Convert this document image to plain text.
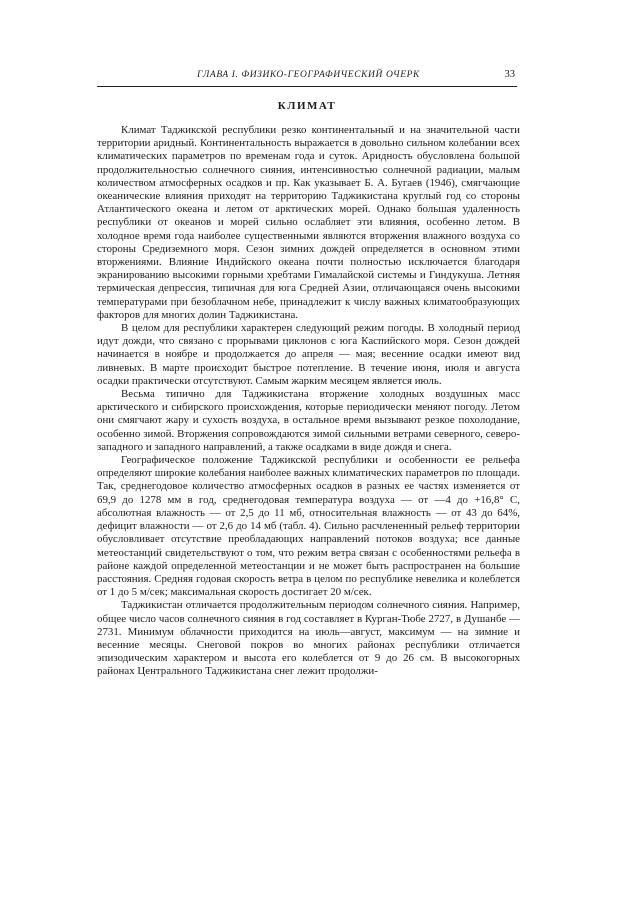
ГЛАВА I. ФИЗИКО-ГЕОГРАФИЧЕСКИЙ ОЧЕРК	33
КЛИМАТ

Климат Таджикской республики резко континентальный и на значительной части территории аридный. Континентальность выражается в довольно сильном колебании всех климатических параметров по временам года и суток. Аридность обусловлена большой продолжительностью солнечного сияния, интенсивностью солнечной радиации, малым количеством атмосферных осадков и пр. Как указывает Б. А. Бугаев (1946), смягчающие океанические влияния приходят на территорию Таджикистана круглый год со стороны Атлантического океана и летом от арктических морей. Однако большая удаленность республики от океанов и морей сильно ослабляет эти влияния, особенно летом. В холодное время года наиболее существенными являются вторжения влажного воздуха со стороны Средиземного моря. Сезон зимних дождей определяется в основном этими вторжениями. Влияние Индийского океана почти полностью исключается благодаря экранированию высокими горными хребтами Гималайской системы и Гиндукуша. Летняя термическая депрессия, типичная для юга Средней Азии, отличающаяся очень высокими температурами при безоблачном небе, принадлежит к числу важных климатообразующих факторов для многих долин Таджикистана.

В целом для республики характерен следующий режим погоды. В холодный период идут дожди, что связано с прорывами циклонов с юга Каспийского моря. Сезон дождей начинается в ноябре и продолжается до апреля — мая; весенние осадки имеют вид ливневых. В марте происходит быстрое потепление. В течение июня, июля и августа осадки практически отсутствуют. Самым жарким месяцем является июль.

Весьма типично для Таджикистана вторжение холодных воздушных масс арктического и сибирского происхождения, которые периодически меняют погоду. Летом они смягчают жару и сухость воздуха, в остальное время вызывают резкое похолодание, особенно зимой. Вторжения сопровождаются зимой сильными ветрами северного, северо-западного и западного направлений, а также осадками в виде дождя и снега.

Географическое положение Таджикской республики и особенности ее рельефа определяют широкие колебания наиболее важных климатических параметров по площади. Так, среднегодовое количество атмосферных осадков в разных ее частях изменяется от 69,9 до 1278 мм в год, среднегодовая температура воздуха — от —4 до +16,8° С, абсолютная влажность — от 2,5 до 11 мб, относительная влажность — от 43 до 64%, дефицит влажности — от 2,6 до 14 мб (табл. 4). Сильно расчлененный рельеф территории обусловливает отсутствие преобладающих направлений потоков воздуха; все данные метеостанций свидетельствуют о том, что режим ветра связан с особенностями рельефа в районе каждой определенной метеостанции и не может быть распространен на большие расстояния. Средняя годовая скорость ветра в целом по республике невелика и колеблется от 1 до 5 м/сек; максимальная скорость достигает 20 м/сек.

Таджикистан отличается продолжительным периодом солнечного сияния. Например, общее число часов солнечного сияния в год составляет в Курган-Тюбе 2727, в Душанбе — 2731. Минимум облачности приходится на июль—август, максимум — на зимние и весенние месяцы. Снеговой покров во многих районах республики отличается эпизодическим характером и высота его колеблется от 9 до 26 см. В высокогорных районах Центрального Таджикистана снег лежит продолжи-
